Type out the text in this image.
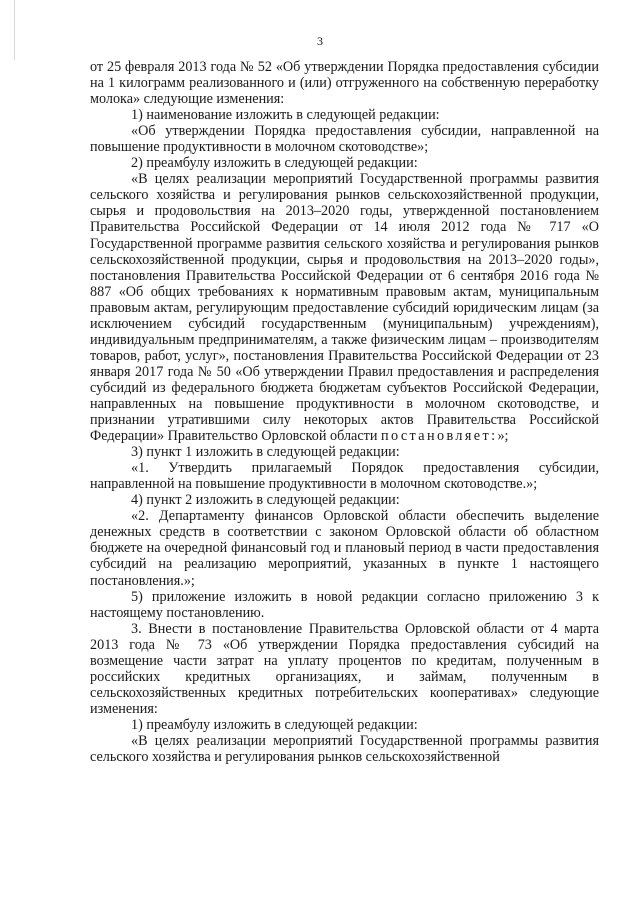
3

от 25 февраля 2013 года № 52 «Об утверждении Порядка предоставления субсидии на 1 килограмм реализованного и (или) отгруженного на собственную переработку молока» следующие изменения:

1) наименование изложить в следующей редакции:

«Об утверждении Порядка предоставления субсидии, направленной на повышение продуктивности в молочном скотоводстве»;

2) преамбулу изложить в следующей редакции:

«В целях реализации мероприятий Государственной программы развития сельского хозяйства и регулирования рынков сельскохозяйственной продукции, сырья и продовольствия на 2013–2020 годы, утвержденной постановлением Правительства Российской Федерации от 14 июля 2012 года № 717 «О Государственной программе развития сельского хозяйства и регулирования рынков сельскохозяйственной продукции, сырья и продовольствия на 2013–2020 годы», постановления Правительства Российской Федерации от 6 сентября 2016 года № 887 «Об общих требованиях к нормативным правовым актам, муниципальным правовым актам, регулирующим предоставление субсидий юридическим лицам (за исключением субсидий государственным (муниципальным) учреждениям), индивидуальным предпринимателям, а также физическим лицам – производителям товаров, работ, услуг», постановления Правительства Российской Федерации от 23 января 2017 года № 50 «Об утверждении Правил предоставления и распределения субсидий из федерального бюджета бюджетам субъектов Российской Федерации, направленных на повышение продуктивности в молочном скотоводстве, и признании утратившими силу некоторых актов Правительства Российской Федерации» Правительство Орловской области постановляет:»;

3) пункт 1 изложить в следующей редакции:

«1. Утвердить прилагаемый Порядок предоставления субсидии, направленной на повышение продуктивности в молочном скотоводстве.»;

4) пункт 2 изложить в следующей редакции:

«2. Департаменту финансов Орловской области обеспечить выделение денежных средств в соответствии с законом Орловской области об областном бюджете на очередной финансовый год и плановый период в части предоставления субсидий на реализацию мероприятий, указанных в пункте 1 настоящего постановления.»;

5) приложение изложить в новой редакции согласно приложению 3 к настоящему постановлению.

3. Внести в постановление Правительства Орловской области от 4 марта 2013 года № 73 «Об утверждении Порядка предоставления субсидий на возмещение части затрат на уплату процентов по кредитам, полученным в российских кредитных организациях, и займам, полученным в сельскохозяйственных кредитных потребительских кооперативах» следующие изменения:

1) преамбулу изложить в следующей редакции:

«В целях реализации мероприятий Государственной программы развития сельского хозяйства и регулирования рынков сельскохозяйственной
